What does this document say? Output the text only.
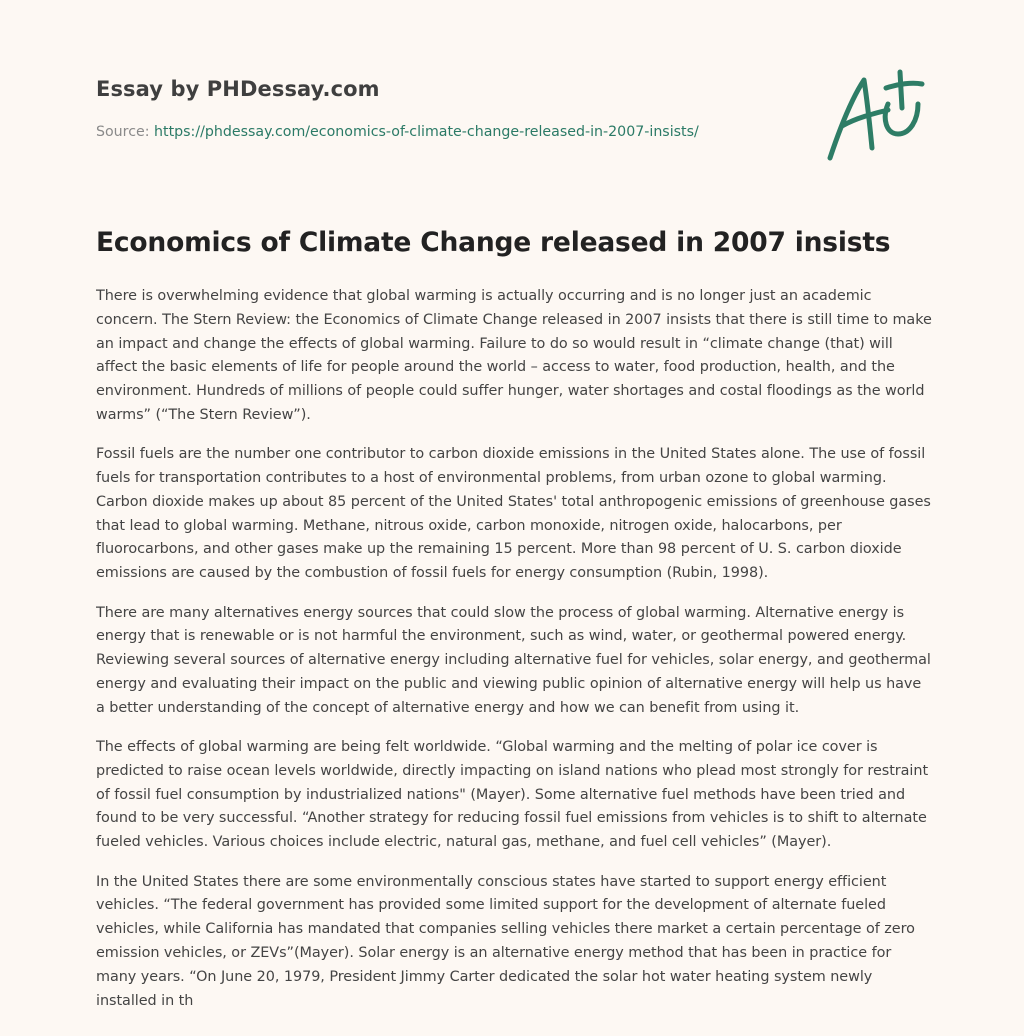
Essay by PHDessay.com
Source: https://phdessay.com/economics-of-climate-change-released-in-2007-insists/
Economics of Climate Change released in 2007 insists

There is overwhelming evidence that global warming is actually occurring and is no longer just an academic concern. The Stern Review: the Economics of Climate Change released in 2007 insists that there is still time to make an impact and change the effects of global warming. Failure to do so would result in “climate change (that) will affect the basic elements of life for people around the world – access to water, food production, health, and the environment. Hundreds of millions of people could suffer hunger, water shortages and costal floodings as the world warms” (“The Stern Review”).

Fossil fuels are the number one contributor to carbon dioxide emissions in the United States alone. The use of fossil fuels for transportation contributes to a host of environmental problems, from urban ozone to global warming. Carbon dioxide makes up about 85 percent of the United States' total anthropogenic emissions of greenhouse gases that lead to global warming. Methane, nitrous oxide, carbon monoxide, nitrogen oxide, halocarbons, per fluorocarbons, and other gases make up the remaining 15 percent. More than 98 percent of U. S. carbon dioxide emissions are caused by the combustion of fossil fuels for energy consumption (Rubin, 1998).

There are many alternatives energy sources that could slow the process of global warming. Alternative energy is energy that is renewable or is not harmful the environment, such as wind, water, or geothermal powered energy. Reviewing several sources of alternative energy including alternative fuel for vehicles, solar energy, and geothermal energy and evaluating their impact on the public and viewing public opinion of alternative energy will help us have a better understanding of the concept of alternative energy and how we can benefit from using it.

The effects of global warming are being felt worldwide. “Global warming and the melting of polar ice cover is predicted to raise ocean levels worldwide, directly impacting on island nations who plead most strongly for restraint of fossil fuel consumption by industrialized nations" (Mayer). Some alternative fuel methods have been tried and found to be very successful. “Another strategy for reducing fossil fuel emissions from vehicles is to shift to alternate fueled vehicles. Various choices include electric, natural gas, methane, and fuel cell vehicles” (Mayer).

In the United States there are some environmentally conscious states have started to support energy efficient vehicles. “The federal government has provided some limited support for the development of alternate fueled vehicles, while California has mandated that companies selling vehicles there market a certain percentage of zero emission vehicles, or ZEVs”(Mayer). Solar energy is an alternative energy method that has been in practice for many years. “On June 20, 1979, President Jimmy Carter dedicated the solar hot water heating system newly installed in th
